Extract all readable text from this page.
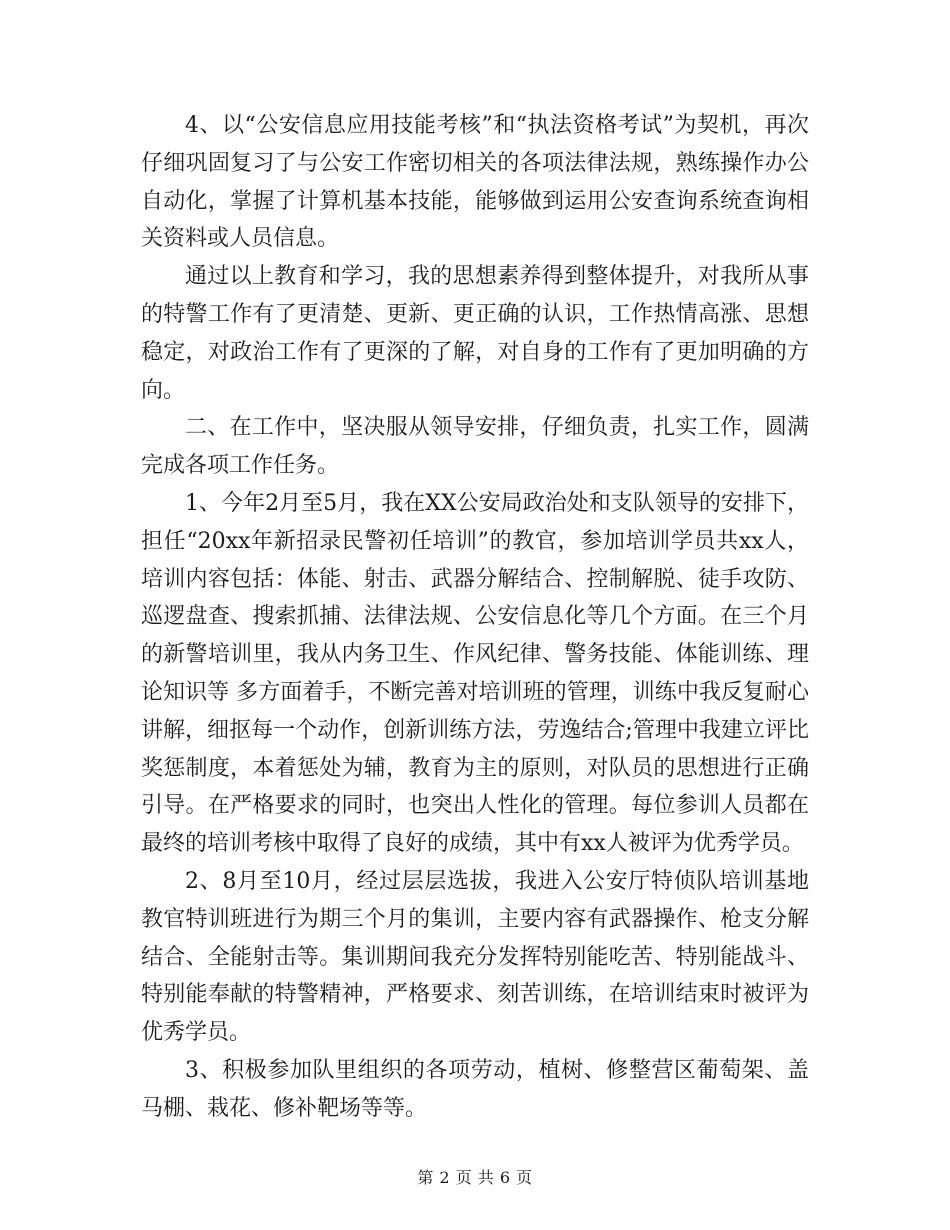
4、以“公安信息应用技能考核”和“执法资格考试”为契机，再次仔细巩固复习了与公安工作密切相关的各项法律法规，熟练操作办公自动化，掌握了计算机基本技能，能够做到运用公安查询系统查询相关资料或人员信息。

通过以上教育和学习，我的思想素养得到整体提升，对我所从事的特警工作有了更清楚、更新、更正确的认识，工作热情高涨、思想稳定，对政治工作有了更深的了解，对自身的工作有了更加明确的方向。

二、在工作中，坚决服从领导安排，仔细负责，扎实工作，圆满完成各项工作任务。

1、今年2月至5月，我在XX公安局政治处和支队领导的安排下，担任“20xx年新招录民警初任培训”的教官，参加培训学员共xx人，培训内容包括：体能、射击、武器分解结合、控制解脱、徒手攻防、巡逻盘查、搜索抓捕、法律法规、公安信息化等几个方面。在三个月的新警培训里，我从内务卫生、作风纪律、警务技能、体能训练、理论知识等 多方面着手，不断完善对培训班的管理，训练中我反复耐心讲解，细抠每一个动作，创新训练方法，劳逸结合;管理中我建立评比奖惩制度，本着惩处为辅，教育为主的原则，对队员的思想进行正确引导。在严格要求的同时，也突出人性化的管理。每位参训人员都在最终的培训考核中取得了良好的成绩，其中有xx人被评为优秀学员。

2、8月至10月，经过层层选拔，我进入公安厅特侦队培训基地教官特训班进行为期三个月的集训，主要内容有武器操作、枪支分解结合、全能射击等。集训期间我充分发挥特别能吃苦、特别能战斗、特别能奉献的特警精神，严格要求、刻苦训练，在培训结束时被评为优秀学员。

3、积极参加队里组织的各项劳动，植树、修整营区葡萄架、盖马棚、栽花、修补靶场等等。

第 2 页 共 6 页
